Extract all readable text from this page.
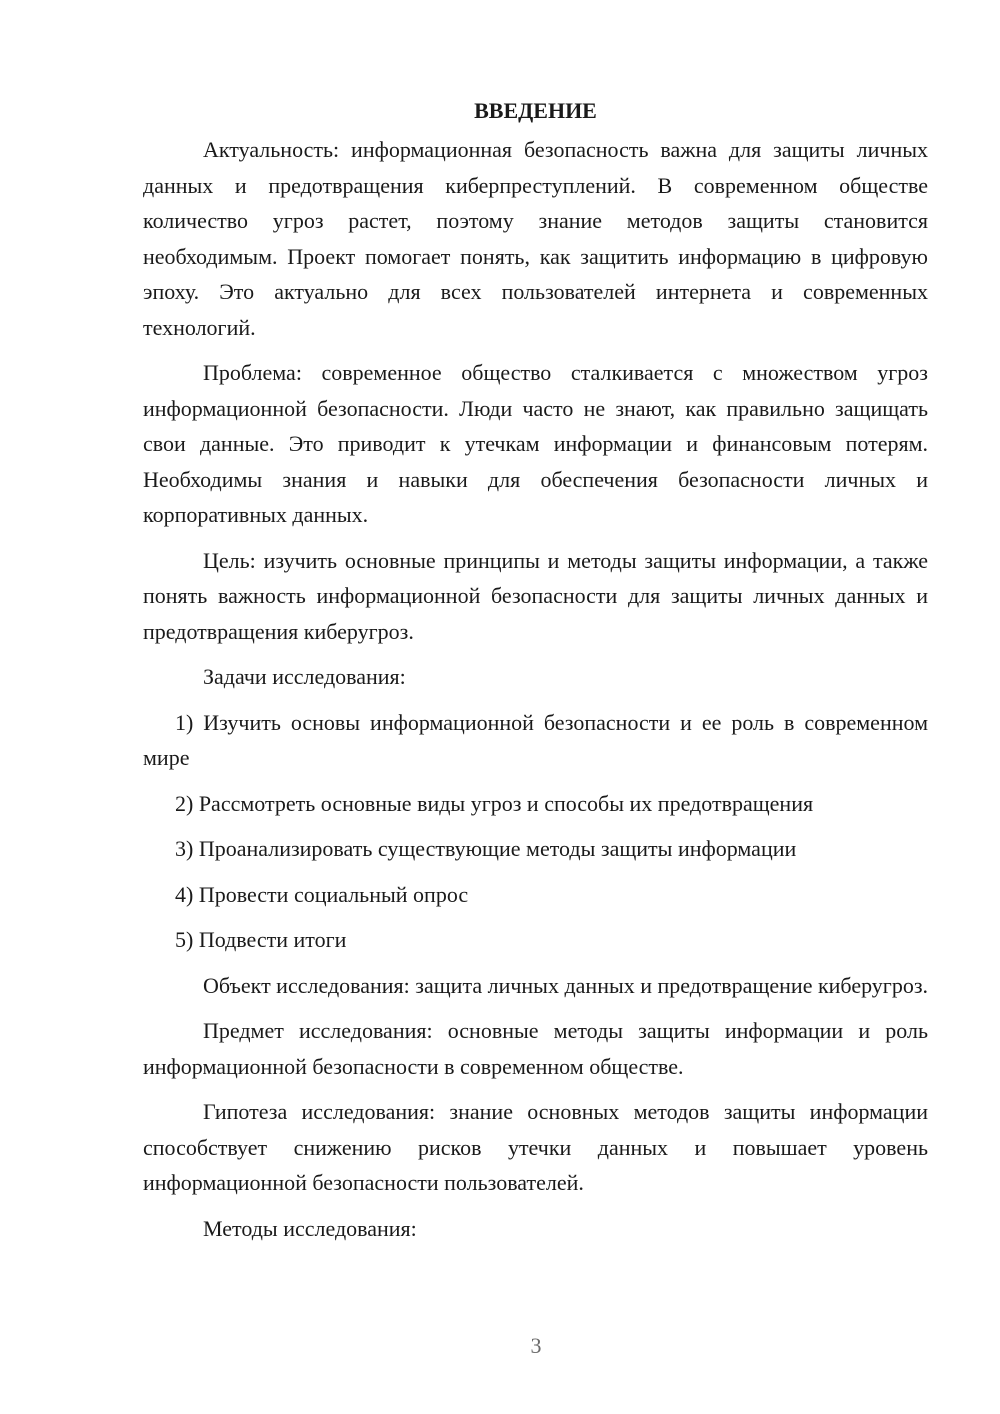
ВВЕДЕНИЕ

Актуальность: информационная безопасность важна для защиты личных данных и предотвращения киберпреступлений. В современном обществе количество угроз растет, поэтому знание методов защиты становится необходимым. Проект помогает понять, как защитить информацию в цифровую эпоху. Это актуально для всех пользователей интернета и современных технологий.

Проблема: современное общество сталкивается с множеством угроз информационной безопасности. Люди часто не знают, как правильно защищать свои данные. Это приводит к утечкам информации и финансовым потерям. Необходимы знания и навыки для обеспечения безопасности личных и корпоративных данных.

Цель: изучить основные принципы и методы защиты информации, а также понять важность информационной безопасности для защиты личных данных и предотвращения киберугроз.

Задачи исследования:

1) Изучить основы информационной безопасности и ее роль в современном мире

2) Рассмотреть основные виды угроз и способы их предотвращения

3) Проанализировать существующие методы защиты информации

4) Провести социальный опрос

5) Подвести итоги

Объект исследования: защита личных данных и предотвращение киберугроз.

Предмет исследования: основные методы защиты информации и роль информационной безопасности в современном обществе.

Гипотеза исследования: знание основных методов защиты информации способствует снижению рисков утечки данных и повышает уровень информационной безопасности пользователей.

Методы исследования:

3
